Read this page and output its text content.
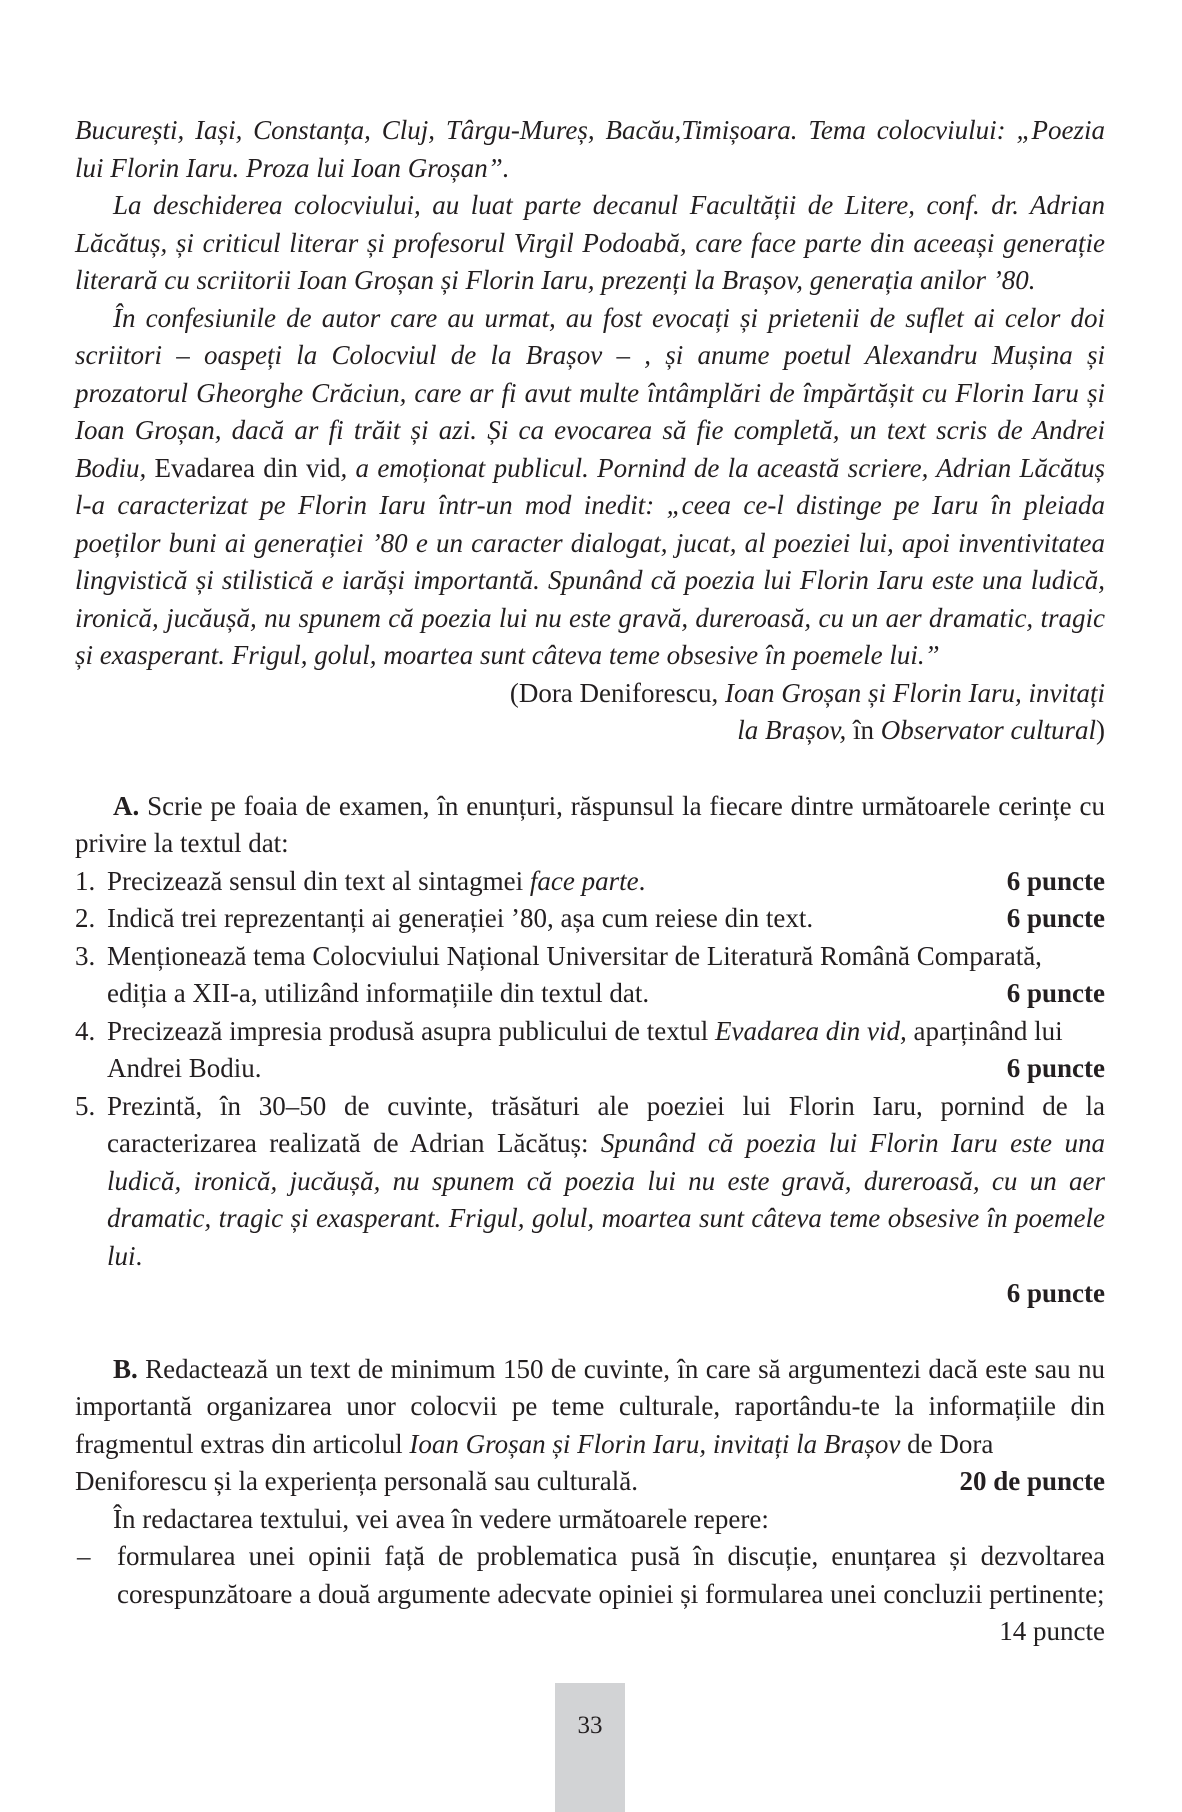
București, Iași, Constanța, Cluj, Târgu-Mureș, Bacău,Timișoara. Tema colocviului: „Poezia lui Florin Iaru. Proza lui Ioan Groșan”.

La deschiderea colocviului, au luat parte decanul Facultății de Litere, conf. dr. Adrian Lăcătuș, și criticul literar și profesorul Virgil Podoabă, care face parte din aceeași generație literară cu scriitorii Ioan Groșan și Florin Iaru, prezenți la Brașov, generația anilor ’80.

În confesiunile de autor care au urmat, au fost evocați și prietenii de suflet ai celor doi scriitori – oaspeți la Colocviul de la Brașov – , și anume poetul Alexandru Mușina și prozatorul Gheorghe Crăciun, care ar fi avut multe întâmplări de împărtășit cu Florin Iaru și Ioan Groșan, dacă ar fi trăit și azi. Și ca evocarea să fie completă, un text scris de Andrei Bodiu, Evadarea din vid, a emoționat publicul. Pornind de la această scriere, Adrian Lăcătuș l-a caracterizat pe Florin Iaru într-un mod inedit: „ceea ce-l distinge pe Iaru în pleiada poeților buni ai generației ’80 e un caracter dialogat, jucat, al poeziei lui, apoi inventivitatea lingvistică și stilistică e iarăși importantă. Spunând că poezia lui Florin Iaru este una ludică, ironică, jucăușă, nu spunem că poezia lui nu este gravă, dureroasă, cu un aer dramatic, tragic și exasperant. Frigul, golul, moartea sunt câteva teme obsesive în poemele lui.”

(Dora Deniforescu, Ioan Groșan și Florin Iaru, invitați
la Brașov, în Observator cultural)

A. Scrie pe foaia de examen, în enunțuri, răspunsul la fiecare dintre următoarele cerințe cu privire la textul dat:

1. Precizează sensul din text al sintagmei face parte.	6 puncte
2. Indică trei reprezentanți ai generației ’80, așa cum reiese din text.	6 puncte
3. Menționează tema Colocviului Național Universitar de Literatură Română Comparată,
ediția a XII-a, utilizând informațiile din textul dat.	6 puncte
4. Precizează impresia produsă asupra publicului de textul Evadarea din vid, aparținând lui
Andrei Bodiu.	6 puncte
5. Prezintă, în 30–50 de cuvinte, trăsături ale poeziei lui Florin Iaru, pornind de la caracterizarea realizată de Adrian Lăcătuș: Spunând că poezia lui Florin Iaru este una ludică, ironică, jucăușă, nu spunem că poezia lui nu este gravă, dureroasă, cu un aer dramatic, tragic și exasperant. Frigul, golul, moartea sunt câteva teme obsesive în poemele lui.
6 puncte

B. Redactează un text de minimum 150 de cuvinte, în care să argumentezi dacă este sau nu importantă organizarea unor colocvii pe teme culturale, raportându-te la informațiile din fragmentul extras din articolul Ioan Groșan și Florin Iaru, invitați la Brașov de Dora

Deniforescu și la experiența personală sau culturală.	20 de puncte

În redactarea textului, vei avea în vedere următoarele repere:

– formularea unei opinii față de problematica pusă în discuție, enunțarea și dezvoltarea corespunzătoare a două argumente adecvate opiniei și formularea unei concluzii pertinente;
14 puncte
33
